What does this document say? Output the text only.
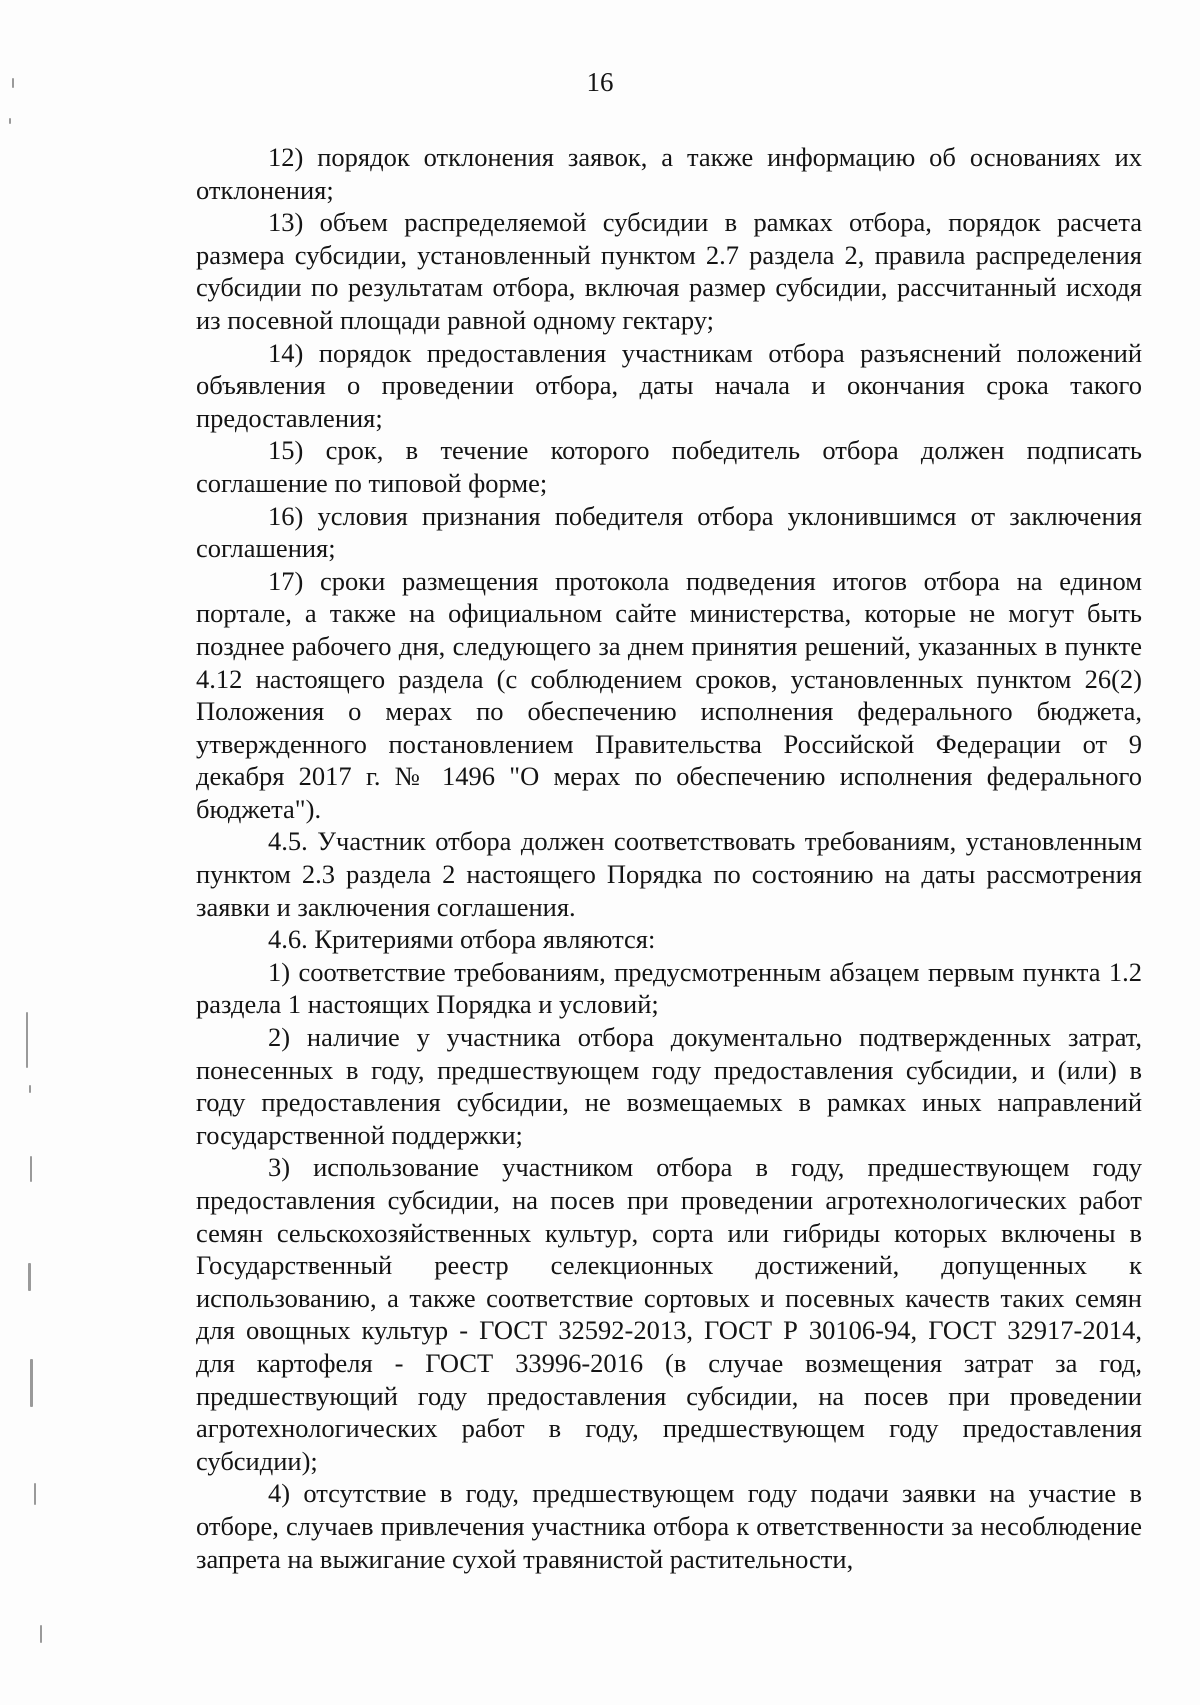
16

12) порядок отклонения заявок, а также информацию об основаниях их отклонения;

13) объем распределяемой субсидии в рамках отбора, порядок расчета размера субсидии, установленный пунктом 2.7 раздела 2, правила распределения субсидии по результатам отбора, включая размер субсидии, рассчитанный исходя из посевной площади равной одному гектару;

14) порядок предоставления участникам отбора разъяснений положений объявления о проведении отбора, даты начала и окончания срока такого предоставления;

15) срок, в течение которого победитель отбора должен подписать соглашение по типовой форме;

16) условия признания победителя отбора уклонившимся от заключения соглашения;

17) сроки размещения протокола подведения итогов отбора на едином портале, а также на официальном сайте министерства, которые не могут быть позднее рабочего дня, следующего за днем принятия решений, указанных в пункте 4.12 настоящего раздела (с соблюдением сроков, установленных пунктом 26(2) Положения о мерах по обеспечению исполнения федерального бюджета, утвержденного постановлением Правительства Российской Федерации от 9 декабря 2017 г. № 1496 "О мерах по обеспечению исполнения федерального бюджета").

4.5. Участник отбора должен соответствовать требованиям, установленным пунктом 2.3 раздела 2 настоящего Порядка по состоянию на даты рассмотрения заявки и заключения соглашения.

4.6. Критериями отбора являются:

1) соответствие требованиям, предусмотренным абзацем первым пункта 1.2 раздела 1 настоящих Порядка и условий;

2) наличие у участника отбора документально подтвержденных затрат, понесенных в году, предшествующем году предоставления субсидии, и (или) в году предоставления субсидии, не возмещаемых в рамках иных направлений государственной поддержки;

3) использование участником отбора в году, предшествующем году предоставления субсидии, на посев при проведении агротехнологических работ семян сельскохозяйственных культур, сорта или гибриды которых включены в Государственный реестр селекционных достижений, допущенных к использованию, а также соответствие сортовых и посевных качеств таких семян для овощных культур - ГОСТ 32592-2013, ГОСТ Р 30106-94, ГОСТ 32917-2014, для картофеля - ГОСТ 33996-2016 (в случае возмещения затрат за год, предшествующий году предоставления субсидии, на посев при проведении агротехнологических работ в году, предшествующем году предоставления субсидии);

4) отсутствие в году, предшествующем году подачи заявки на участие в отборе, случаев привлечения участника отбора к ответственности за несоблюдение запрета на выжигание сухой травянистой растительности,
